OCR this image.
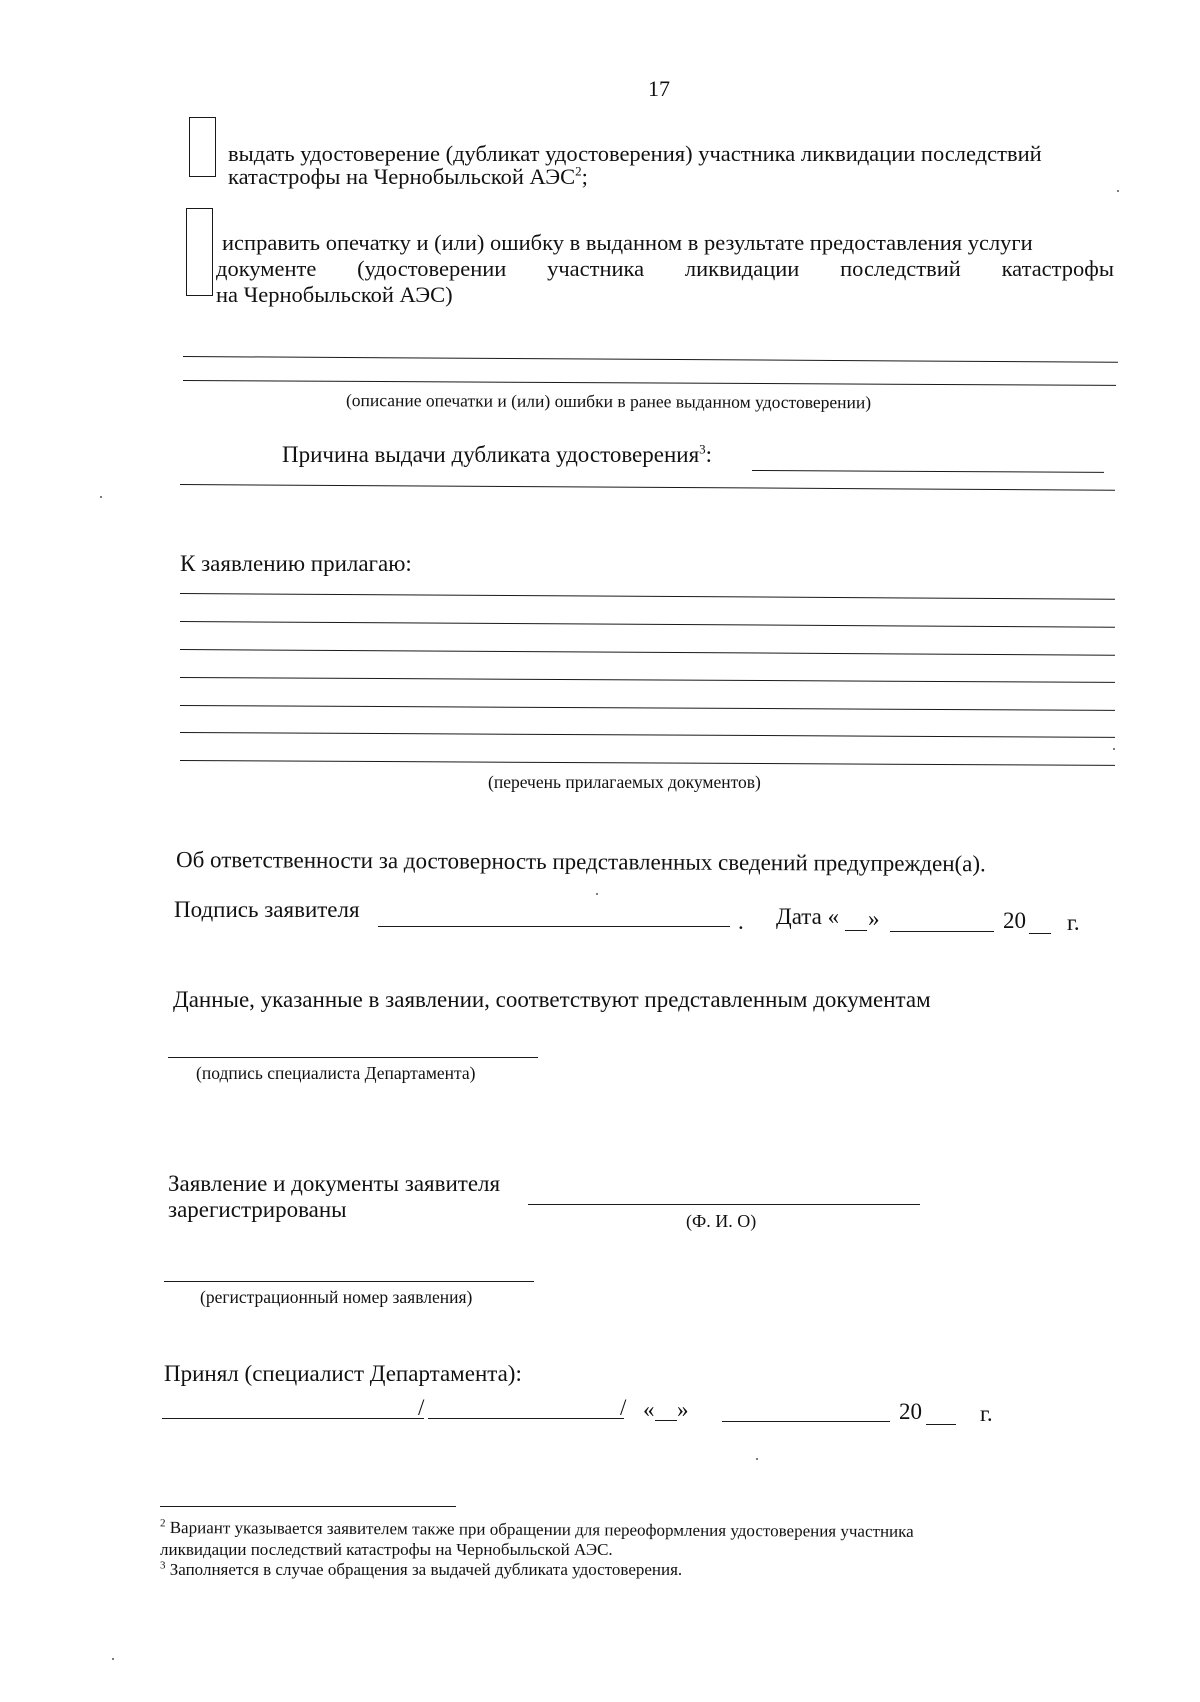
17
выдать удостоверение (дубликат удостоверения) участника ликвидации последствий
катастрофы на Чернобыльской АЭС$^2$;
исправить опечатку и (или) ошибку в выданном в результате предоставления услуги
документе (удостоверении участника ликвидации последствий катастрофы
на Чернобыльской АЭС)
(описание опечатки и (или) ошибки в ранее выданном удостоверении)
Причина выдачи дубликата удостоверения$^3$:
К заявлению прилагаю:
(перечень прилагаемых документов)
Об ответственности за достоверность представленных сведений предупрежден(а).
Подпись заявителя	. Дата « »	20 г.
Данные, указанные в заявлении, соответствуют представленным документам
(подпись специалиста Департамента)
Заявление и документы заявителя
зарегистрированы	(Ф. И. О)
(регистрационный номер заявления)
Принял (специалист Департамента):
/	/ « »	20	г.
$^2$ Вариант указывается заявителем также при обращении для переоформления удостоверения участника
ликвидации последствий катастрофы на Чернобыльской АЭС.
$^3$ Заполняется в случае обращения за выдачей дубликата удостоверения.
